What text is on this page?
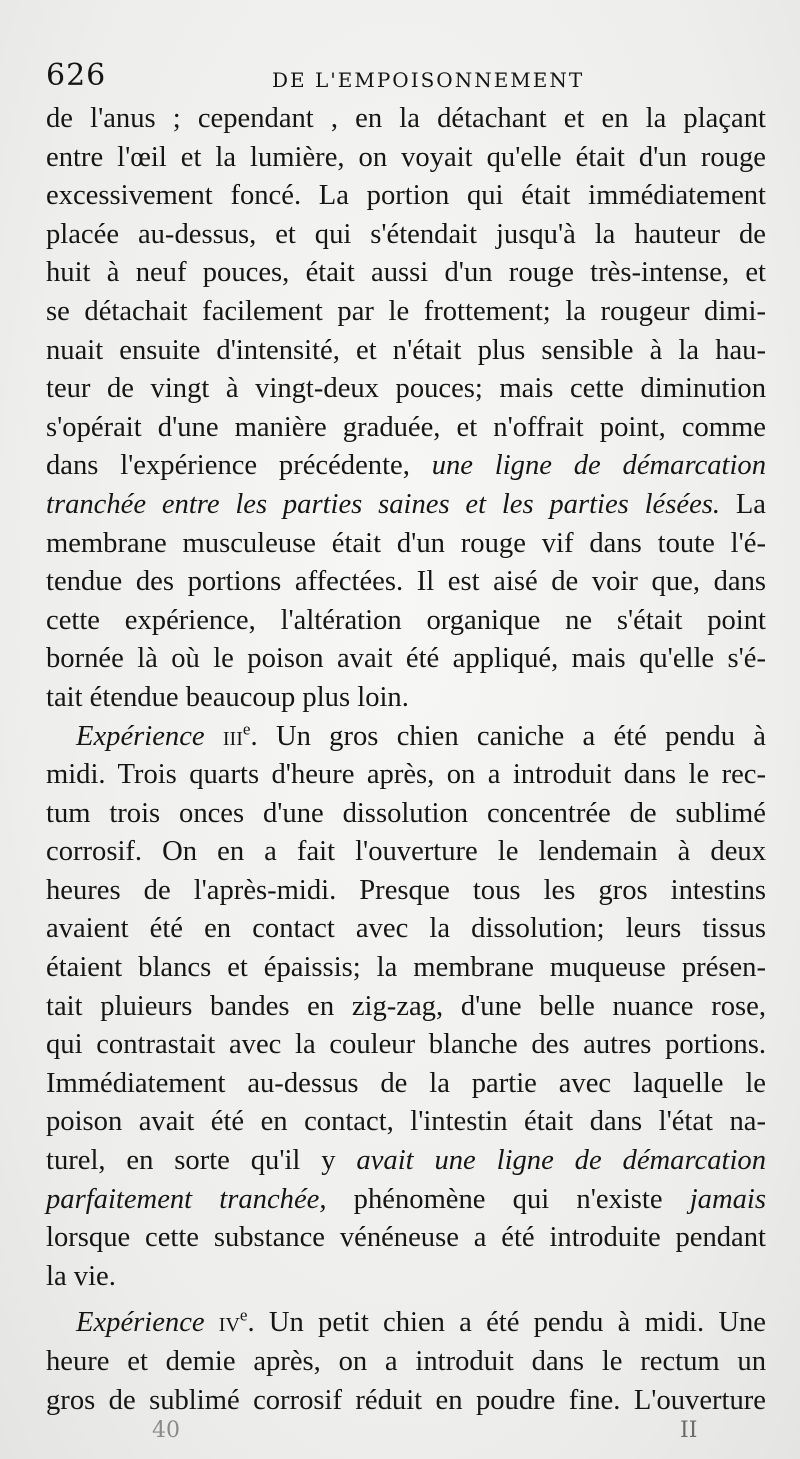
626	DE L'EMPOISONNEMENT
de l'anus ; cependant , en la détachant et en la plaçant
entre l'œil et la lumière, on voyait qu'elle était d'un rouge
excessivement foncé. La portion qui était immédiatement
placée au-dessus, et qui s'étendait jusqu'à la hauteur de
huit à neuf pouces, était aussi d'un rouge très-intense, et
se détachait facilement par le frottement; la rougeur dimi-
nuait ensuite d'intensité, et n'était plus sensible à la hau-
teur de vingt à vingt-deux pouces; mais cette diminution
s'opérait d'une manière graduée, et n'offrait point, comme
dans l'expérience précédente, une ligne de démarcation
tranchée entre les parties saines et les parties lésées. La
membrane musculeuse était d'un rouge vif dans toute l'é-
tendue des portions affectées. Il est aisé de voir que, dans
cette expérience, l'altération organique ne s'était point
bornée là où le poison avait été appliqué, mais qu'elle s'é-
tait étendue beaucoup plus loin.
Expérience iii$^e$. Un gros chien caniche a été pendu à
midi. Trois quarts d'heure après, on a introduit dans le rec-
tum trois onces d'une dissolution concentrée de sublimé
corrosif. On en a fait l'ouverture le lendemain à deux
heures de l'après-midi. Presque tous les gros intestins
avaient été en contact avec la dissolution; leurs tissus
étaient blancs et épaissis; la membrane muqueuse présen-
tait pluieurs bandes en zig-zag, d'une belle nuance rose,
qui contrastait avec la couleur blanche des autres portions.
Immédiatement au-dessus de la partie avec laquelle le
poison avait été en contact, l'intestin était dans l'état na-
turel, en sorte qu'il y avait une ligne de démarcation
parfaitement tranchée, phénomène qui n'existe jamais
lorsque cette substance vénéneuse a été introduite pendant
la vie.
Expérience $iv^e$. Un petit chien a été pendu à midi. Une
heure et demie après, on a introduit dans le rectum un
gros de sublimé corrosif réduit en poudre fine. L'ouverture
40	II
